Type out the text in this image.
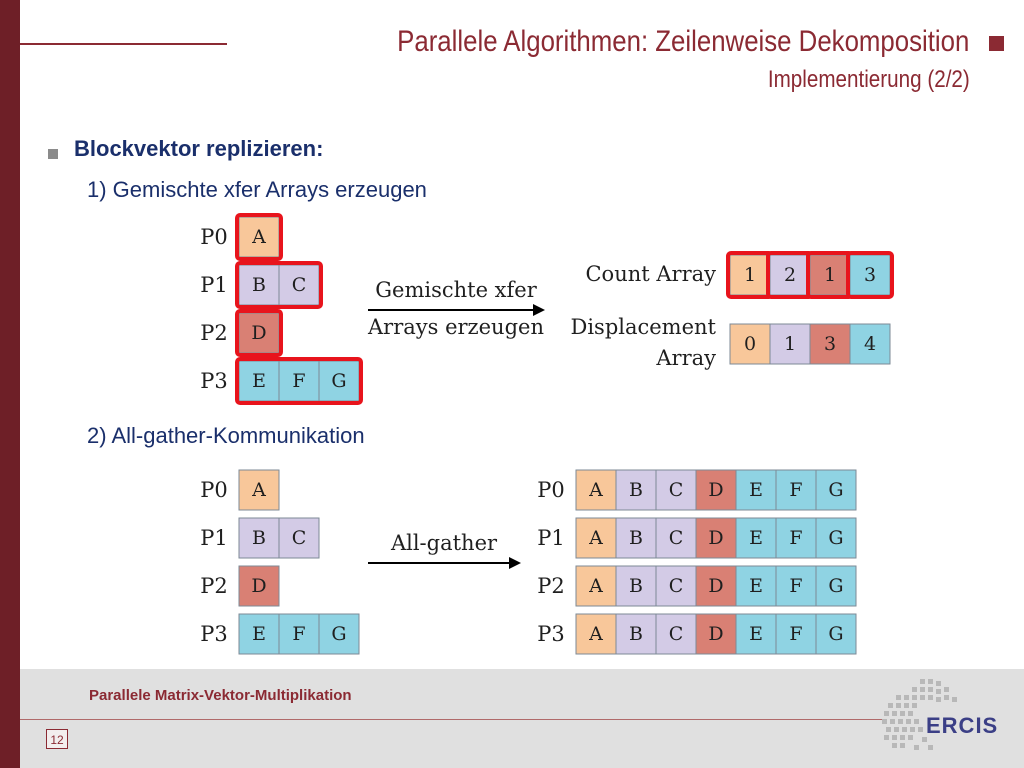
Parallele Algorithmen: Zeilenweise Dekomposition
Implementierung (2/2)
Blockvektor replizieren:
1) Gemischte xfer Arrays erzeugen
2) All-gather-Kommunikation
P0 A
P1 B C
P2 D
P3 E F G
Gemischte xfer
Arrays erzeugen
Count Array 1 2 1 3
Displacement
Array
0 1 3 4
P0 A
P1 B C
P2 D
P3 E F G
All-gather
P0 A B C D E F G
P1 A B C D E F G
P2 A B C D E F G
P3 A B C D E F G
Parallele Matrix-Vektor-Multiplikation
12
ERCIS
